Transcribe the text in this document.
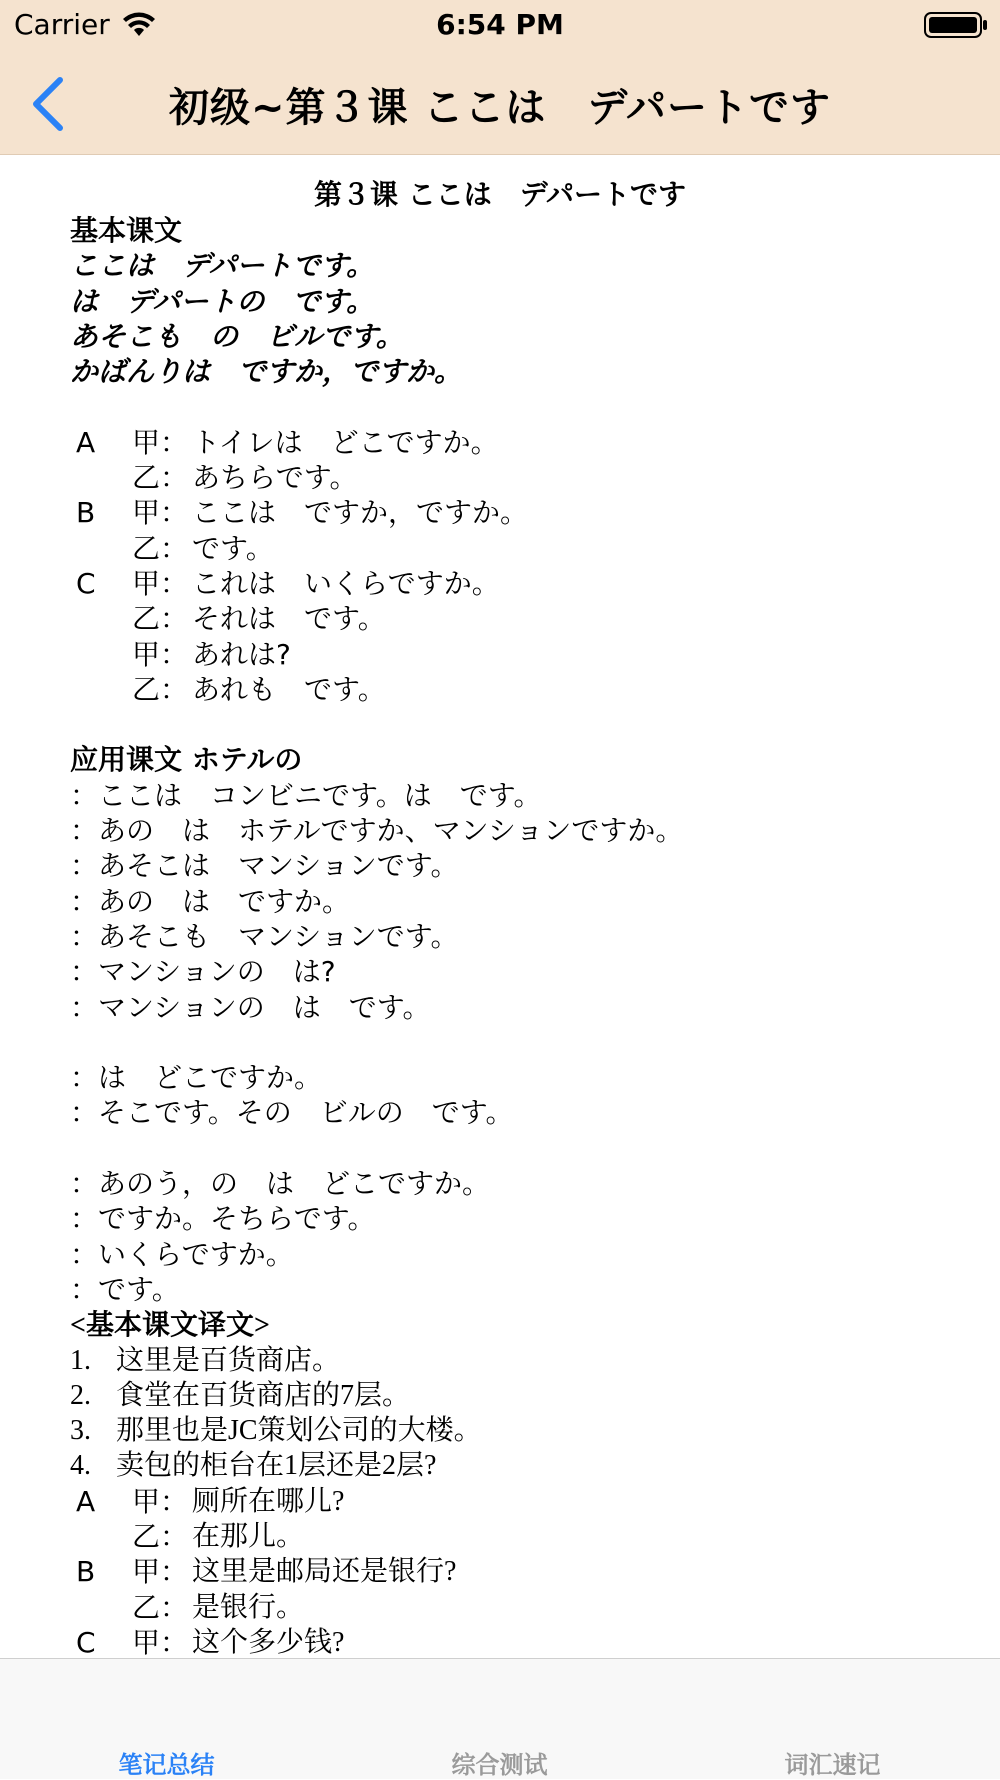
Carrier	6:54 PM
初级~第３课 ここは　デパートです
第３课 ここは　デパートです
基本课文
ここは　デパートです。
は　デパートの　です。
あそこも　の　ビルです。
かばんりは　ですか，ですか。
A	甲： トイレは　どこですか。
乙： あちらです。
B	甲： ここは　ですか，ですか。
乙： です。
C	甲： これは　いくらですか。
乙： それは　です。
甲： あれは?
乙： あれも　です。
应用课文 ホテルの
：ここは　コンビニです。は　です。
：あの　は　ホテルですか、マンションですか。
：あそこは　マンションです。
：あの　は　ですか。
：あそこも　マンションです。
：マンションの　は?
：マンションの　は　です。
：は　どこですか。
：そこです。その　ビルの　です。
：あのう，の　は　どこですか。
：ですか。そちらです。
：いくらですか。
：です。
<基本课文译文>
1. 这里是百货商店。
2. 食堂在百货商店的7层。
3. 那里也是JC策划公司的大楼。
4. 卖包的柜台在1层还是2层?
A	甲： 厕所在哪儿?
乙： 在那儿。
B	甲： 这里是邮局还是银行?
乙： 是银行。
C	甲： 这个多少钱?
笔记总结	综合测试	词汇速记
